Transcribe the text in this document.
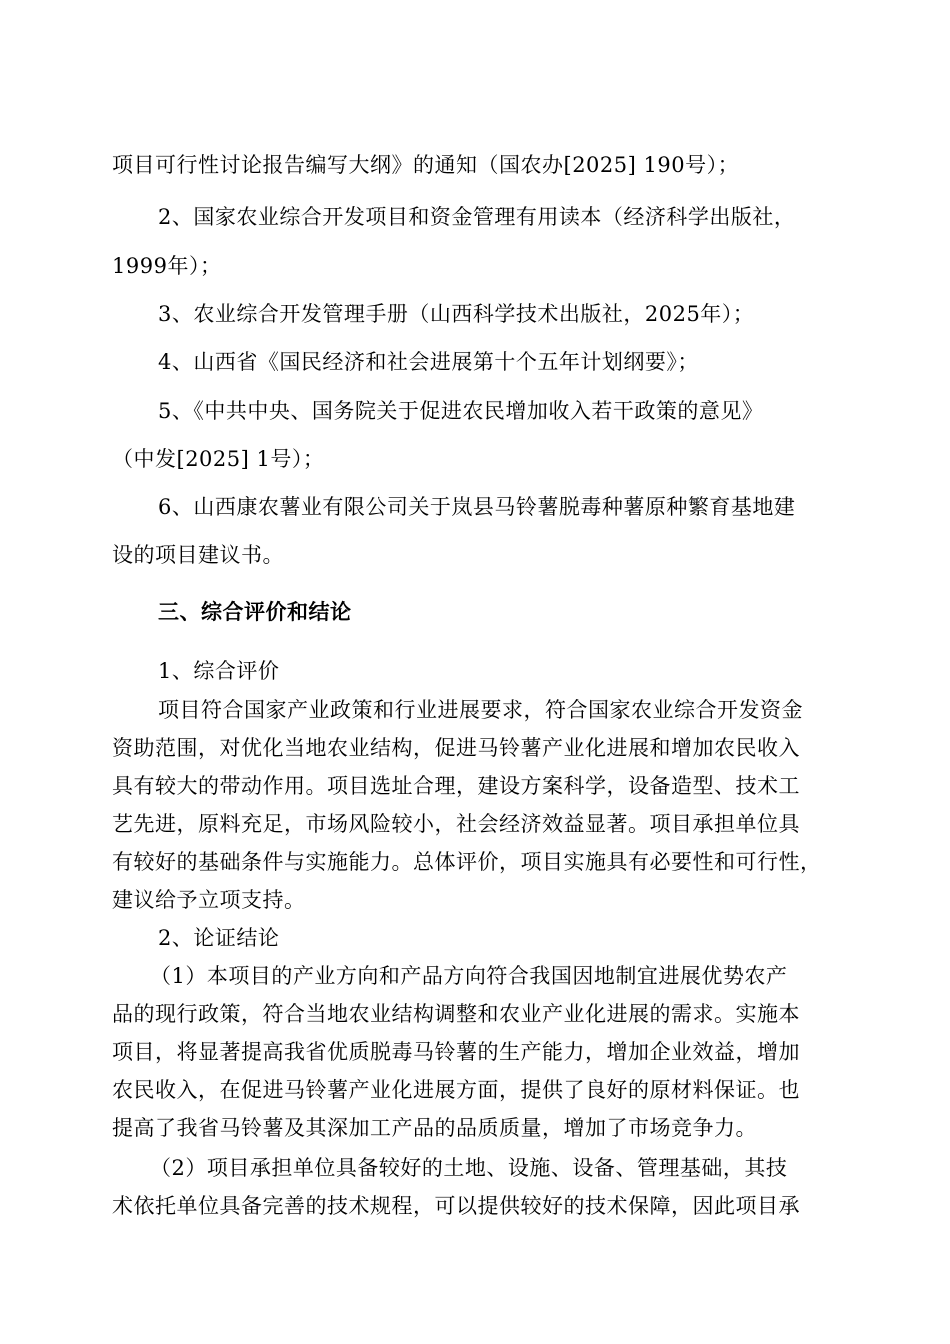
项目可行性讨论报告编写大纲》的通知（国农办[2025] 190号）；
2、国家农业综合开发项目和资金管理有用读本（经济科学出版社，
1999年）；
3、农业综合开发管理手册（山西科学技术出版社，2025年）；
4、山西省《国民经济和社会进展第十个五年计划纲要》；
5、《中共中央、国务院关于促进农民增加收入若干政策的意见》
（中发[2025] 1号）；
6、山西康农薯业有限公司关于岚县马铃薯脱毒种薯原种繁育基地建
设的项目建议书。
三、综合评价和结论
1、综合评价
项目符合国家产业政策和行业进展要求，符合国家农业综合开发资金
资助范围，对优化当地农业结构，促进马铃薯产业化进展和增加农民收入
具有较大的带动作用。项目选址合理，建设方案科学，设备造型、技术工
艺先进，原料充足，市场风险较小，社会经济效益显著。项目承担单位具
有较好的基础条件与实施能力。总体评价，项目实施具有必要性和可行性，
建议给予立项支持。
2、论证结论
（1）本项目的产业方向和产品方向符合我国因地制宜进展优势农产
品的现行政策，符合当地农业结构调整和农业产业化进展的需求。实施本
项目，将显著提高我省优质脱毒马铃薯的生产能力，增加企业效益，增加
农民收入，在促进马铃薯产业化进展方面，提供了良好的原材料保证。也
提高了我省马铃薯及其深加工产品的品质质量，增加了市场竞争力。
（2）项目承担单位具备较好的土地、设施、设备、管理基础，其技
术依托单位具备完善的技术规程，可以提供较好的技术保障，因此项目承
